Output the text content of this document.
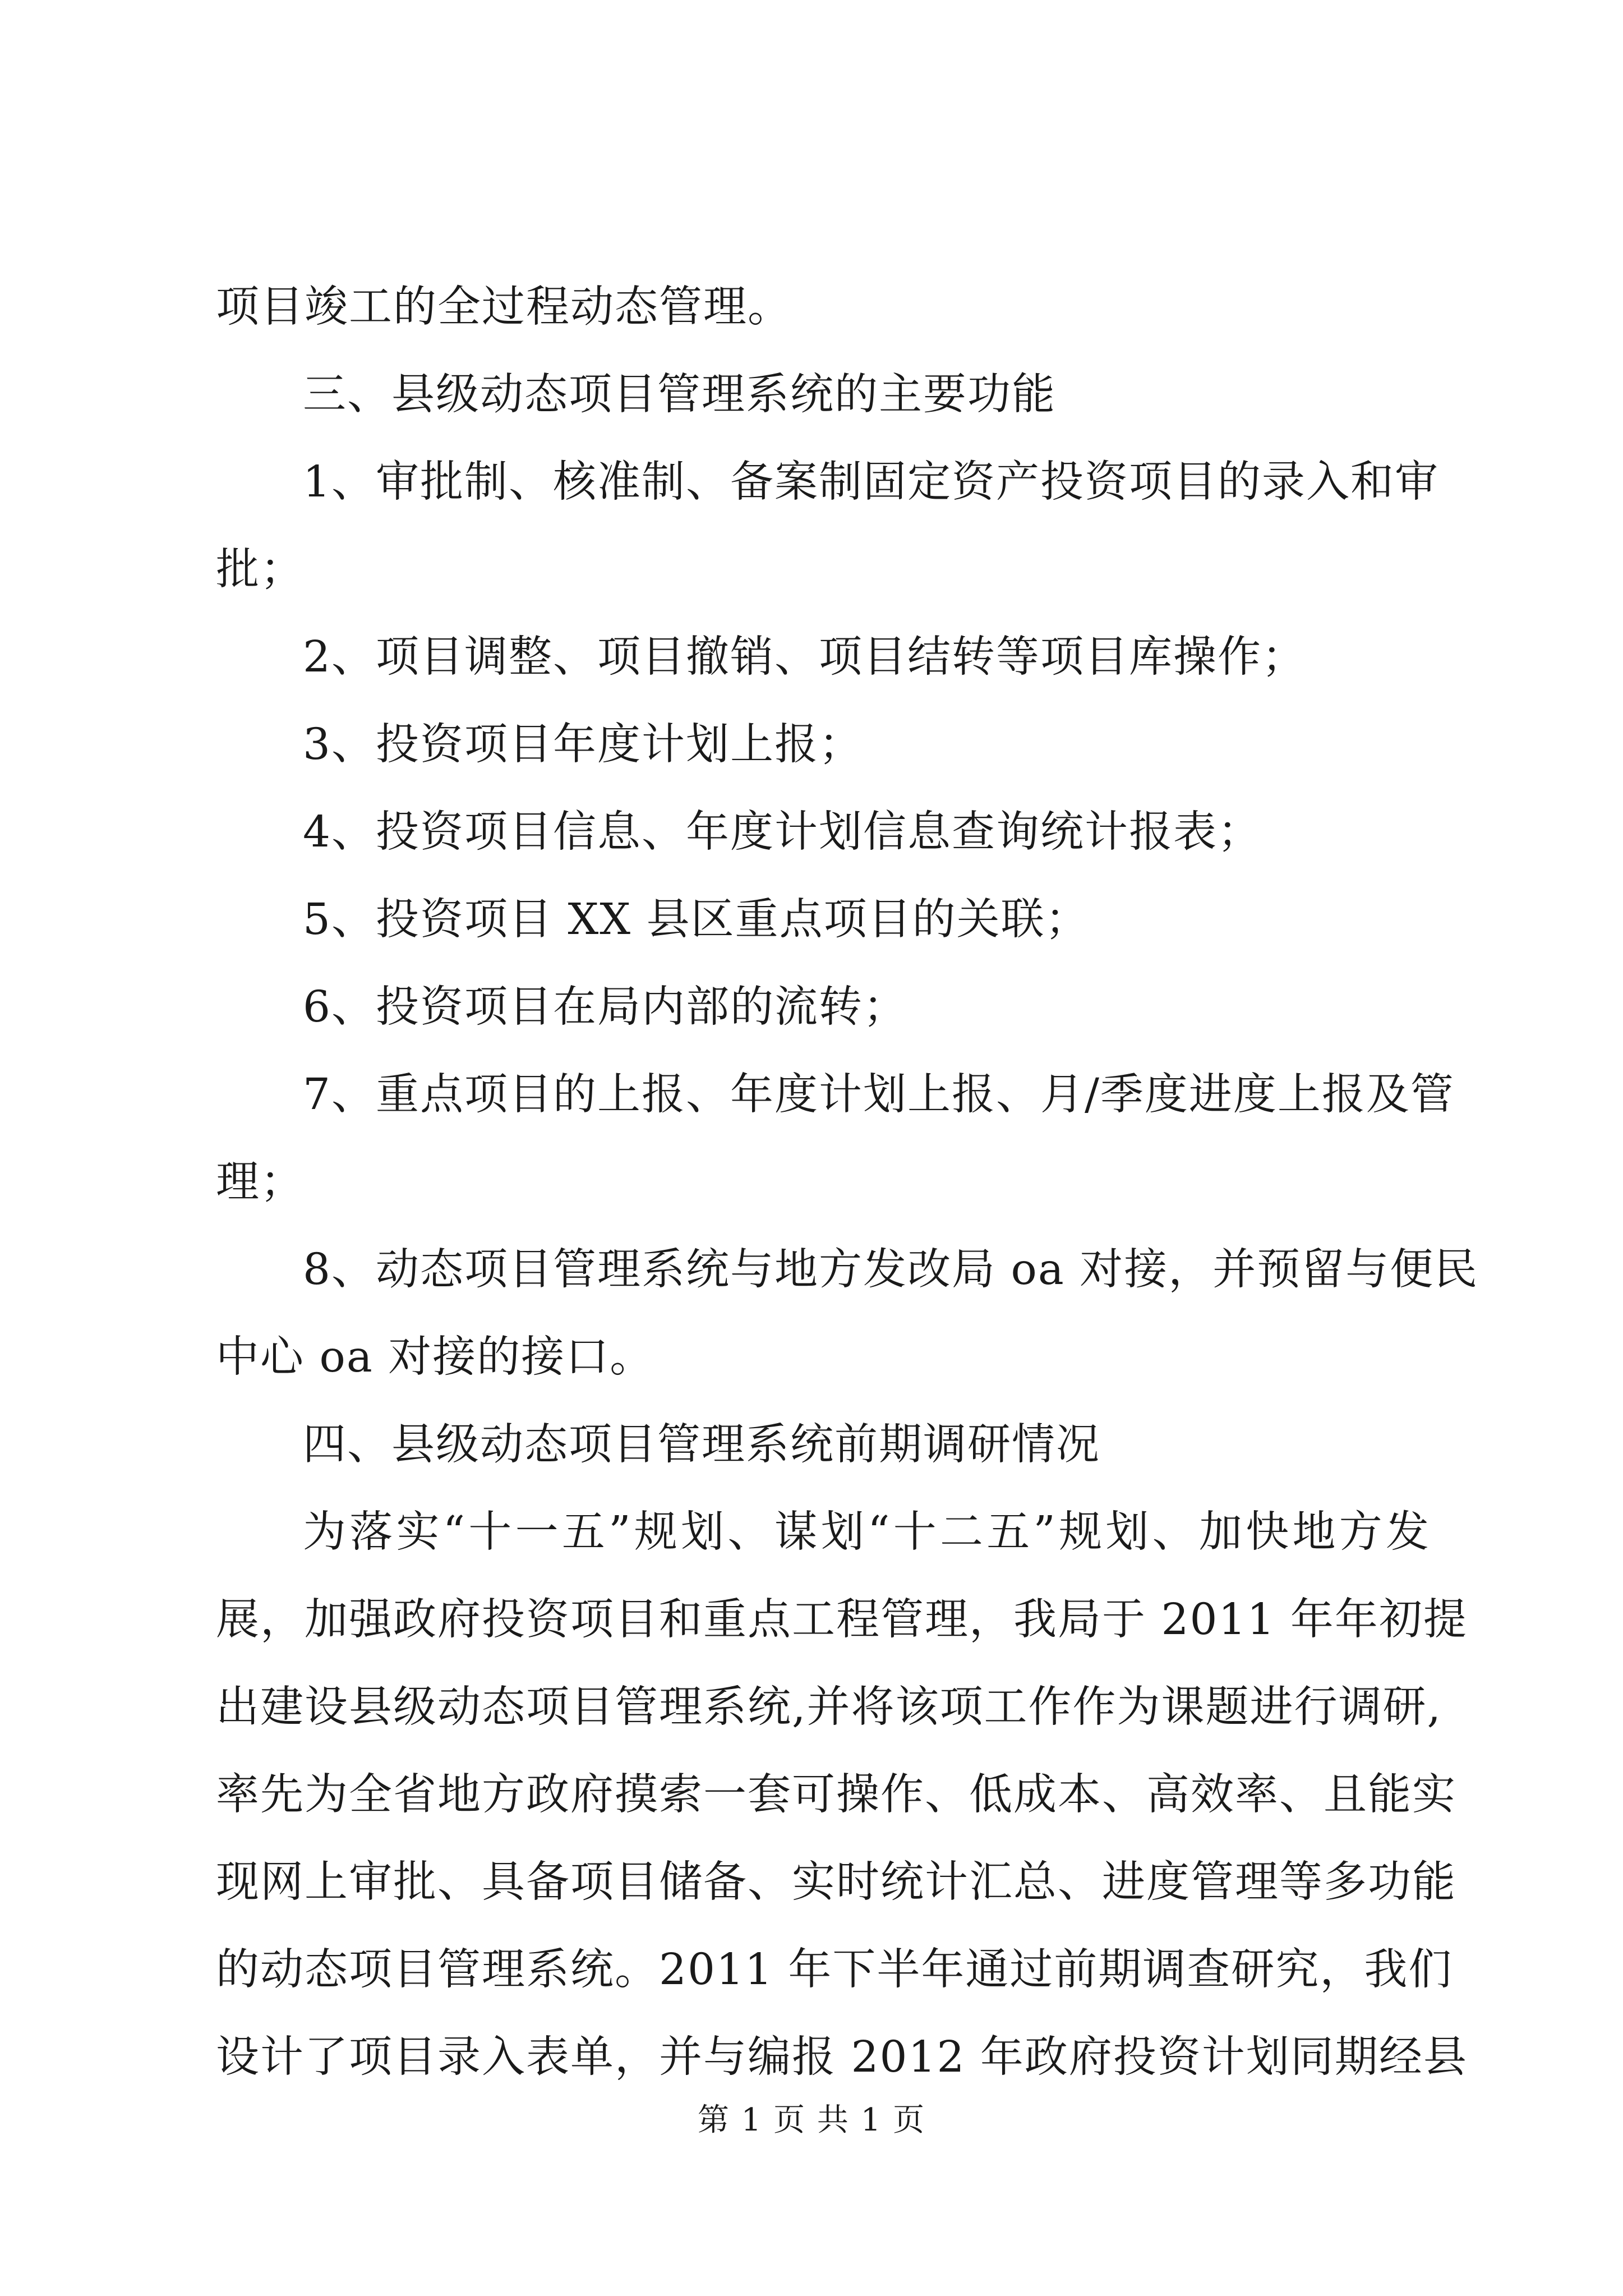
项目竣工的全过程动态管理。
三、县级动态项目管理系统的主要功能
1、审批制、核准制、备案制固定资产投资项目的录入和审
批；
2、项目调整、项目撤销、项目结转等项目库操作；
3、投资项目年度计划上报；
4、投资项目信息、年度计划信息查询统计报表；
5、投资项目 XX 县区重点项目的关联；
6、投资项目在局内部的流转；
7、重点项目的上报、年度计划上报、月/季度进度上报及管
理；
8、动态项目管理系统与地方发改局 oa 对接，并预留与便民
中心 oa 对接的接口。
四、县级动态项目管理系统前期调研情况
为落实“十一五”规划、谋划“十二五”规划、加快地方发
展，加强政府投资项目和重点工程管理，我局于 2011 年年初提
出建设县级动态项目管理系统,并将该项工作作为课题进行调研,
率先为全省地方政府摸索一套可操作、低成本、高效率、且能实
现网上审批、具备项目储备、实时统计汇总、进度管理等多功能
的动态项目管理系统。2011 年下半年通过前期调查研究，我们
设计了项目录入表单，并与编报 2012 年政府投资计划同期经县
第 1 页 共 1 页
